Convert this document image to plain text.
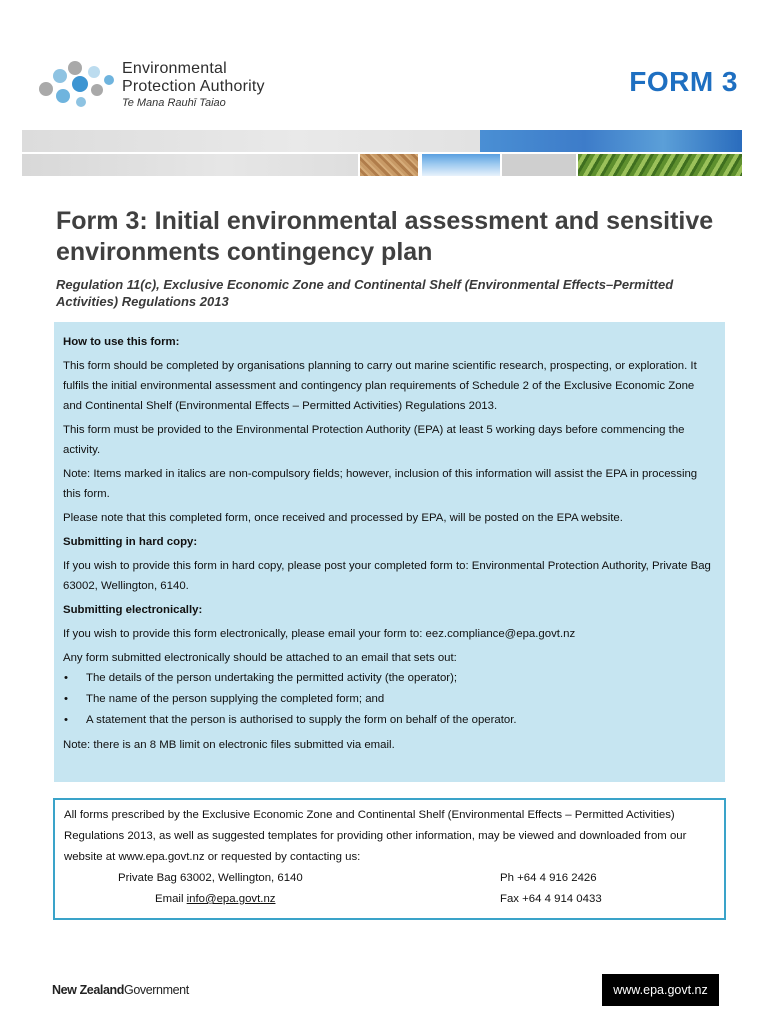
Environmental
Protection Authority
Te Mana Rauhī Taiao
FORM 3
Form 3: Initial environmental assessment and sensitive environments contingency plan
Regulation 11(c), Exclusive Economic Zone and Continental Shelf (Environmental Effects–Permitted Activities) Regulations 2013

How to use this form:

This form should be completed by organisations planning to carry out marine scientific research, prospecting, or exploration. It fulfils the initial environmental assessment and contingency plan requirements of Schedule 2 of the Exclusive Economic Zone and Continental Shelf (Environmental Effects – Permitted Activities) Regulations 2013.

This form must be provided to the Environmental Protection Authority (EPA) at least 5 working days before commencing the activity.

Note: Items marked in italics are non-compulsory fields; however, inclusion of this information will assist the EPA in processing this form.

Please note that this completed form, once received and processed by EPA, will be posted on the EPA website.

Submitting in hard copy:

If you wish to provide this form in hard copy, please post your completed form to: Environmental Protection Authority, Private Bag 63002, Wellington, 6140.

Submitting electronically:

If you wish to provide this form electronically, please email your form to: eez.compliance@epa.govt.nz

Any form submitted electronically should be attached to an email that sets out:

• The details of the person undertaking the permitted activity (the operator);
• The name of the person supplying the completed form; and
• A statement that the person is authorised to supply the form on behalf of the operator.

Note: there is an 8 MB limit on electronic files submitted via email.

All forms prescribed by the Exclusive Economic Zone and Continental Shelf (Environmental Effects – Permitted Activities) Regulations 2013, as well as suggested templates for providing other information, may be viewed and downloaded from our website at www.epa.govt.nz or requested by contacting us:
Private Bag 63002, Wellington, 6140	Ph +64 4 916 2426
Email info@epa.govt.nz	Fax +64 4 914 0433
New ZealandGovernment	www.epa.govt.nz
